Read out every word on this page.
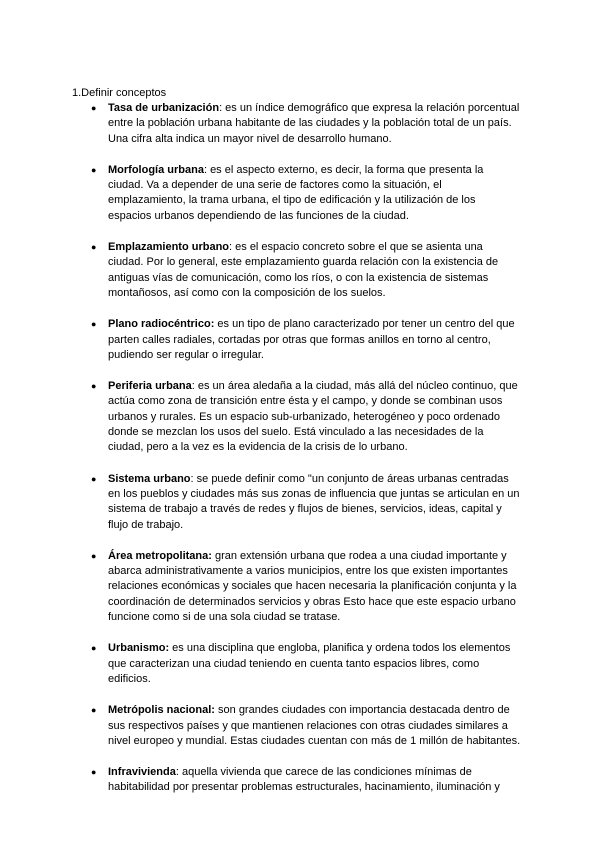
1.Definir conceptos
● Tasa de urbanización: es un índice demográfico que expresa la relación porcentual entre la población urbana habitante de las ciudades y la población total de un país. Una cifra alta indica un mayor nivel de desarrollo humano.
● Morfología urbana: es el aspecto externo, es decir, la forma que presenta la ciudad. Va a depender de una serie de factores como la situación, el emplazamiento, la trama urbana, el tipo de edificación y la utilización de los espacios urbanos dependiendo de las funciones de la ciudad.
● Emplazamiento urbano: es el espacio concreto sobre el que se asienta una ciudad. Por lo general, este emplazamiento guarda relación con la existencia de antiguas vías de comunicación, como los ríos, o con la existencia de sistemas montañosos, así como con la composición de los suelos.
● Plano radiocéntrico: es un tipo de plano caracterizado por tener un centro del que parten calles radiales, cortadas por otras que formas anillos en torno al centro, pudiendo ser regular o irregular.
● Periferia urbana: es un área aledaña a la ciudad, más allá del núcleo continuo, que actúa como zona de transición entre ésta y el campo, y donde se combinan usos urbanos y rurales. Es un espacio sub-urbanizado, heterogéneo y poco ordenado donde se mezclan los usos del suelo. Está vinculado a las necesidades de la ciudad, pero a la vez es la evidencia de la crisis de lo urbano.
● Sistema urbano: se puede definir como "un conjunto de áreas urbanas centradas en los pueblos y ciudades más sus zonas de influencia que juntas se articulan en un sistema de trabajo a través de redes y flujos de bienes, servicios, ideas, capital y flujo de trabajo.
● Área metropolitana: gran extensión urbana que rodea a una ciudad importante y abarca administrativamente a varios municipios, entre los que existen importantes relaciones económicas y sociales que hacen necesaria la planificación conjunta y la coordinación de determinados servicios y obras Esto hace que este espacio urbano funcione como si de una sola ciudad se tratase.
● Urbanismo: es una disciplina que engloba, planifica y ordena todos los elementos que caracterizan una ciudad teniendo en cuenta tanto espacios libres, como edificios.
● Metrópolis nacional: son grandes ciudades con importancia destacada dentro de sus respectivos países y que mantienen relaciones con otras ciudades similares a nivel europeo y mundial. Estas ciudades cuentan con más de 1 millón de habitantes.
● Infravivienda: aquella vivienda que carece de las condiciones mínimas de habitabilidad por presentar problemas estructurales, hacinamiento, iluminación y
